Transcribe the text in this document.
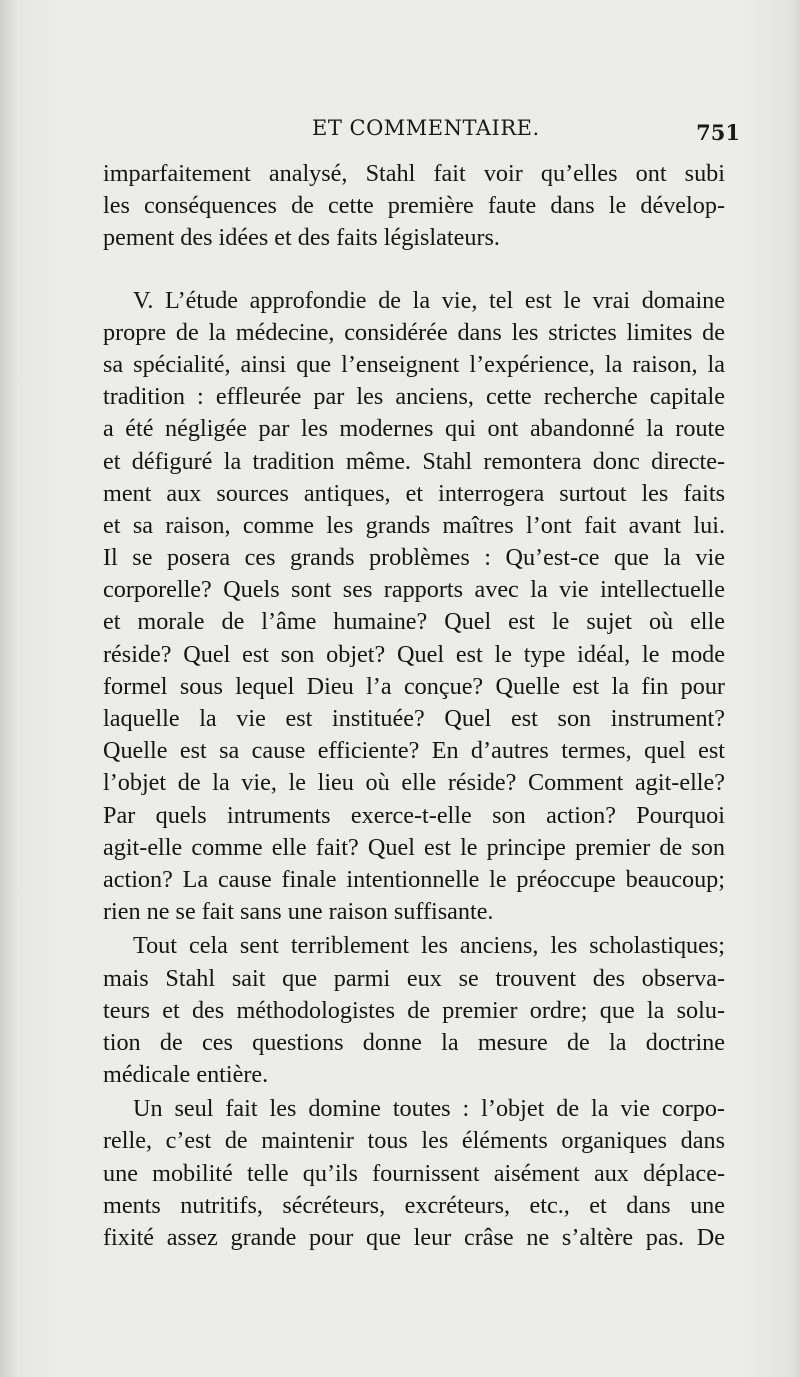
ET COMMENTAIRE.	751
imparfaitement analysé, Stahl fait voir qu’elles ont subi
les conséquences de cette première faute dans le dévelop-
pement des idées et des faits législateurs.
V. L’étude approfondie de la vie, tel est le vrai domaine
propre de la médecine, considérée dans les strictes limites de
sa spécialité, ainsi que l’enseignent l’expérience, la raison, la
tradition : effleurée par les anciens, cette recherche capitale
a été négligée par les modernes qui ont abandonné la route
et défiguré la tradition même. Stahl remontera donc directe-
ment aux sources antiques, et interrogera surtout les faits
et sa raison, comme les grands maîtres l’ont fait avant lui.
Il se posera ces grands problèmes : Qu’est-ce que la vie
corporelle? Quels sont ses rapports avec la vie intellectuelle
et morale de l’âme humaine? Quel est le sujet où elle
réside? Quel est son objet? Quel est le type idéal, le mode
formel sous lequel Dieu l’a conçue? Quelle est la fin pour
laquelle la vie est instituée? Quel est son instrument?
Quelle est sa cause efficiente? En d’autres termes, quel est
l’objet de la vie, le lieu où elle réside? Comment agit-elle?
Par quels intruments exerce-t-elle son action? Pourquoi
agit-elle comme elle fait? Quel est le principe premier de son
action? La cause finale intentionnelle le préoccupe beaucoup;
rien ne se fait sans une raison suffisante.
Tout cela sent terriblement les anciens, les scholastiques;
mais Stahl sait que parmi eux se trouvent des observa-
teurs et des méthodologistes de premier ordre; que la solu-
tion de ces questions donne la mesure de la doctrine
médicale entière.
Un seul fait les domine toutes : l’objet de la vie corpo-
relle, c’est de maintenir tous les éléments organiques dans
une mobilité telle qu’ils fournissent aisément aux déplace-
ments nutritifs, sécréteurs, excréteurs, etc., et dans une
fixité assez grande pour que leur crâse ne s’altère pas. De
